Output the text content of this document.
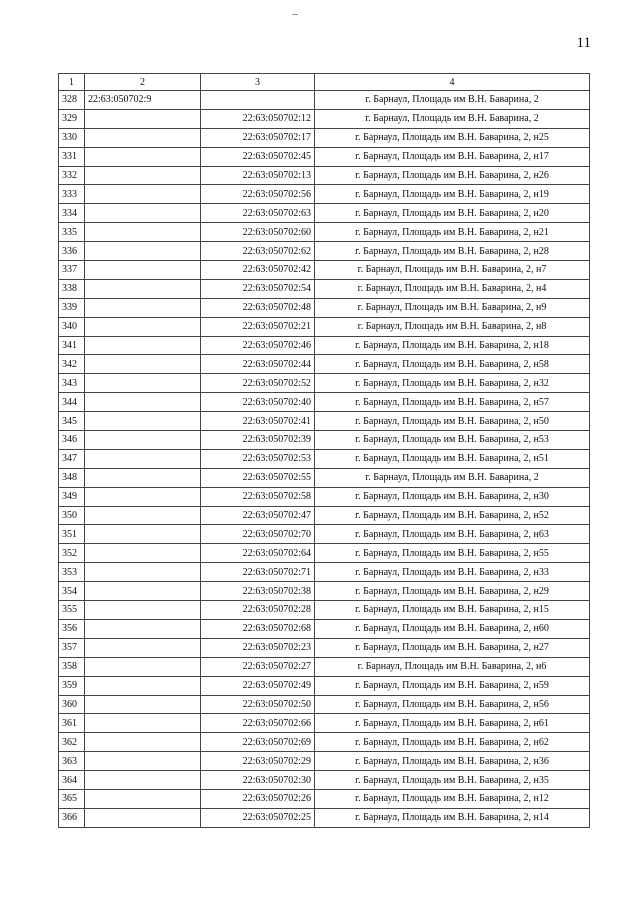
11
1	2	3	4
328	22:63:050702:9		г. Барнаул, Площадь им В.Н. Баварина, 2
329		22:63:050702:12	г. Барнаул, Площадь им В.Н. Баварина, 2
330		22:63:050702:17	г. Барнаул, Площадь им В.Н. Баварина, 2, н25
331		22:63:050702:45	г. Барнаул, Площадь им В.Н. Баварина, 2, н17
332		22:63:050702:13	г. Барнаул, Площадь им В.Н. Баварина, 2, н26
333		22:63:050702:56	г. Барнаул, Площадь им В.Н. Баварина, 2, н19
334		22:63:050702:63	г. Барнаул, Площадь им В.Н. Баварина, 2, н20
335		22:63:050702:60	г. Барнаул, Площадь им В.Н. Баварина, 2, н21
336		22:63:050702:62	г. Барнаул, Площадь им В.Н. Баварина, 2, н28
337		22:63:050702:42	г. Барнаул, Площадь им В.Н. Баварина, 2, н7
338		22:63:050702:54	г. Барнаул, Площадь им В.Н. Баварина, 2, н4
339		22:63:050702:48	г. Барнаул, Площадь им В.Н. Баварина, 2, н9
340		22:63:050702:21	г. Барнаул, Площадь им В.Н. Баварина, 2, н8
341		22:63:050702:46	г. Барнаул, Площадь им В.Н. Баварина, 2, н18
342		22:63:050702:44	г. Барнаул, Площадь им В.Н. Баварина, 2, н58
343		22:63:050702:52	г. Барнаул, Площадь им В.Н. Баварина, 2, н32
344		22:63:050702:40	г. Барнаул, Площадь им В.Н. Баварина, 2, н57
345		22:63:050702:41	г. Барнаул, Площадь им В.Н. Баварина, 2, н50
346		22:63:050702:39	г. Барнаул, Площадь им В.Н. Баварина, 2, н53
347		22:63:050702:53	г. Барнаул, Площадь им В.Н. Баварина, 2, н51
348		22:63:050702:55	г. Барнаул, Площадь им В.Н. Баварина, 2
349		22:63:050702:58	г. Барнаул, Площадь им В.Н. Баварина, 2, н30
350		22:63:050702:47	г. Барнаул, Площадь им В.Н. Баварина, 2, н52
351		22:63:050702:70	г. Барнаул, Площадь им В.Н. Баварина, 2, н63
352		22:63:050702:64	г. Барнаул, Площадь им В.Н. Баварина, 2, н55
353		22:63:050702:71	г. Барнаул, Площадь им В.Н. Баварина, 2, н33
354		22:63:050702:38	г. Барнаул, Площадь им В.Н. Баварина, 2, н29
355		22:63:050702:28	г. Барнаул, Площадь им В.Н. Баварина, 2, н15
356		22:63:050702:68	г. Барнаул, Площадь им В.Н. Баварина, 2, н60
357		22:63:050702:23	г. Барнаул, Площадь им В.Н. Баварина, 2, н27
358		22:63:050702:27	г. Барнаул, Площадь им В.Н. Баварина, 2, н6
359		22:63:050702:49	г. Барнаул, Площадь им В.Н. Баварина, 2, н59
360		22:63:050702:50	г. Барнаул, Площадь им В.Н. Баварина, 2, н56
361		22:63:050702:66	г. Барнаул, Площадь им В.Н. Баварина, 2, н61
362		22:63:050702:69	г. Барнаул, Площадь им В.Н. Баварина, 2, н62
363		22:63:050702:29	г. Барнаул, Площадь им В.Н. Баварина, 2, н36
364		22:63:050702:30	г. Барнаул, Площадь им В.Н. Баварина, 2, н35
365		22:63:050702:26	г. Барнаул, Площадь им В.Н. Баварина, 2, н12
366		22:63:050702:25	г. Барнаул, Площадь им В.Н. Баварина, 2, н14
